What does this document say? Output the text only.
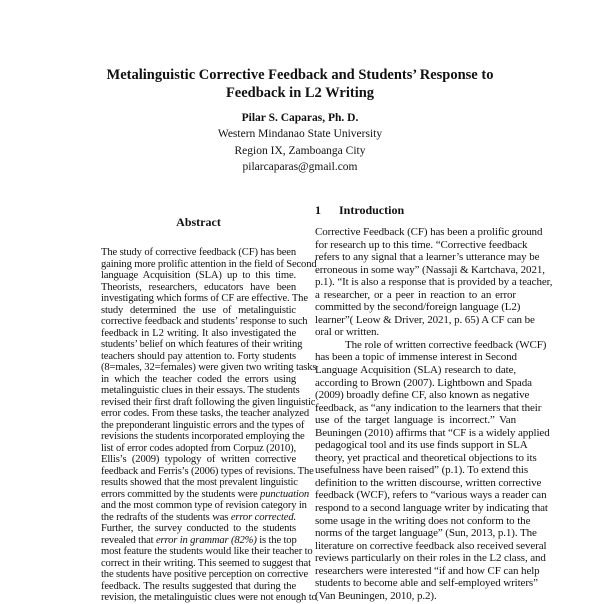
Metalinguistic Corrective Feedback and Students’ Response to
Feedback in L2 Writing
Pilar S. Caparas, Ph. D.
Western Mindanao State University
Region IX, Zamboanga City
pilarcaparas@gmail.com
Abstract
The study of corrective feedback (CF) has been
gaining more prolific attention in the field of Second
language Acquisition (SLA) up to this time.
Theorists, researchers, educators have been
investigating which forms of CF are effective. The
study determined the use of metalinguistic
corrective feedback and students’ response to such
feedback in L2 writing. It also investigated the
students’ belief on which features of their writing
teachers should pay attention to. Forty students
(8=males, 32=females) were given two writing tasks
in which the teacher coded the errors using
metalinguistic clues in their essays. The students
revised their first draft following the given linguistic
error codes. From these tasks, the teacher analyzed
the preponderant linguistic errors and the types of
revisions the students incorporated employing the
list of error codes adopted from Corpuz (2010),
Ellis’s (2009) typology of written corrective
feedback and Ferris’s (2006) types of revisions. The
results showed that the most prevalent linguistic
errors committed by the students were punctuation
and the most common type of revision category in
the redrafts of the students was error corrected.
Further, the survey conducted to the students
revealed that error in grammar (82%) is the top
most feature the students would like their teacher to
correct in their writing. This seemed to suggest that
the students have positive perception on corrective
feedback. The results suggested that during the
revision, the metalinguistic clues were not enough to
1 Introduction
Corrective Feedback (CF) has been a prolific ground
for research up to this time. “Corrective feedback
refers to any signal that a learner’s utterance may be
erroneous in some way” (Nassaji & Kartchava, 2021,
p.1). “It is also a response that is provided by a teacher,
a researcher, or a peer in reaction to an error
committed by the second/foreign language (L2)
learner”( Leow & Driver, 2021, p. 65) A CF can be
oral or written.
The role of written corrective feedback (WCF)
has been a topic of immense interest in Second
Language Acquisition (SLA) research to date,
according to Brown (2007). Lightbown and Spada
(2009) broadly define CF, also known as negative
feedback, as “any indication to the learners that their
use of the target language is incorrect.” Van
Beuningen (2010) affirms that “CF is a widely applied
pedagogical tool and its use finds support in SLA
theory, yet practical and theoretical objections to its
usefulness have been raised” (p.1). To extend this
definition to the written discourse, written corrective
feedback (WCF), refers to “various ways a reader can
respond to a second language writer by indicating that
some usage in the writing does not conform to the
norms of the target language” (Sun, 2013, p.1). The
literature on corrective feedback also received several
reviews particularly on their roles in the L2 class, and
researchers were interested “if and how CF can help
students to become able and self-employed writers”
(Van Beuningen, 2010, p.2).
